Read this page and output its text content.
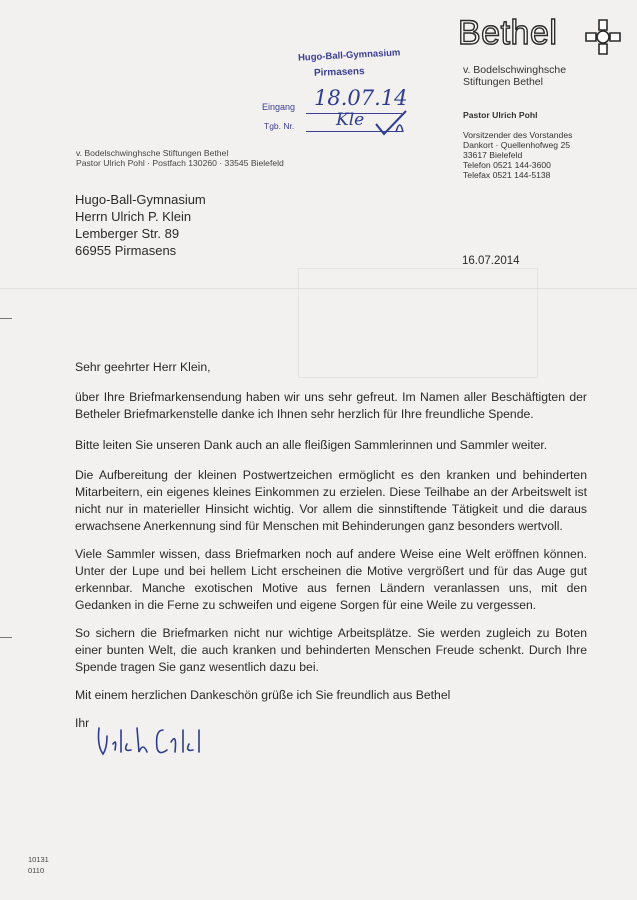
Bethel
v. Bodelschwinghsche
Stiftungen Bethel
Pastor Ulrich Pohl
Vorsitzender des Vorstandes
Dankort · Quellenhofweg 25
33617 Bielefeld
Telefon 0521 144-3600
Telefax 0521 144-5138
Hugo-Ball-Gymnasium
Pirmasens
Eingang 18.07.14
Tgb. Nr. Kle
v. Bodelschwinghsche Stiftungen Bethel
Pastor Ulrich Pohl · Postfach 130260 · 33545 Bielefeld
Hugo-Ball-Gymnasium
Herrn Ulrich P. Klein
Lemberger Str. 89
66955 Pirmasens
16.07.2014
Sehr geehrter Herr Klein,
über Ihre Briefmarkensendung haben wir uns sehr gefreut. Im Namen aller Beschäftigten der Betheler Briefmarkenstelle danke ich Ihnen sehr herzlich für Ihre freundliche Spende.
Bitte leiten Sie unseren Dank auch an alle fleißigen Sammlerinnen und Sammler weiter.
Die Aufbereitung der kleinen Postwertzeichen ermöglicht es den kranken und behinderten Mitarbeitern, ein eigenes kleines Einkommen zu erzielen. Diese Teilhabe an der Arbeitswelt ist nicht nur in materieller Hinsicht wichtig. Vor allem die sinnstiftende Tätigkeit und die daraus erwachsene Anerkennung sind für Menschen mit Behinderungen ganz besonders wertvoll.
Viele Sammler wissen, dass Briefmarken noch auf andere Weise eine Welt eröffnen können. Unter der Lupe und bei hellem Licht erscheinen die Motive vergrößert und für das Auge gut erkennbar. Manche exotischen Motive aus fernen Ländern veranlassen uns, mit den Gedanken in die Ferne zu schweifen und eigene Sorgen für eine Weile zu vergessen.
So sichern die Briefmarken nicht nur wichtige Arbeitsplätze. Sie werden zugleich zu Boten einer bunten Welt, die auch kranken und behinderten Menschen Freude schenkt. Durch Ihre Spende tragen Sie ganz wesentlich dazu bei.
Mit einem herzlichen Dankeschön grüße ich Sie freundlich aus Bethel
Ihr
10131
0110
